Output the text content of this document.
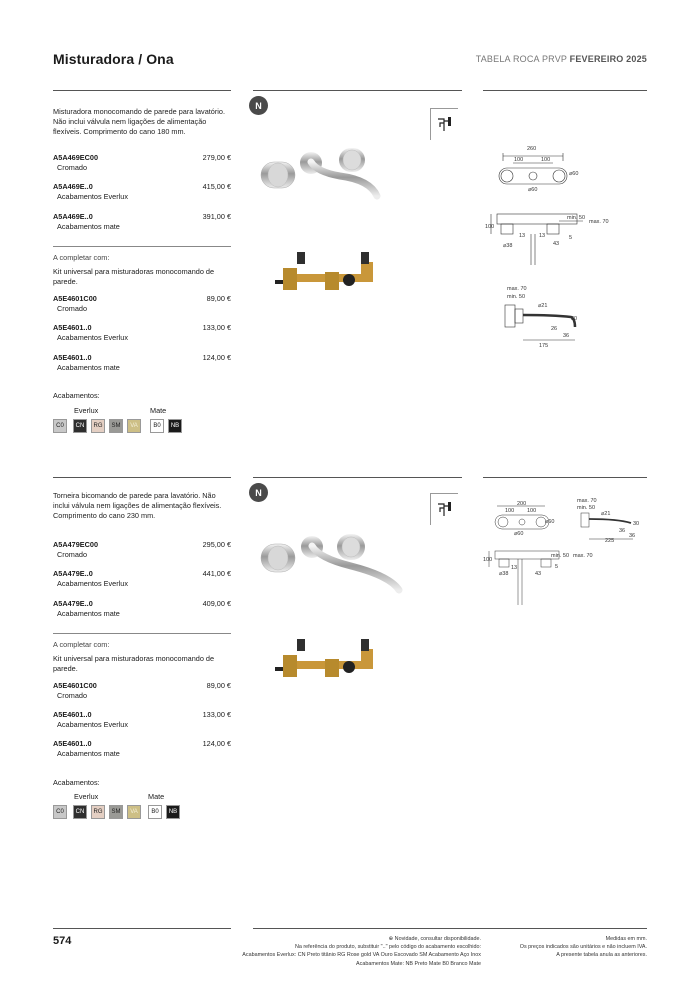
Misturadora / Ona	TABELA ROCA PRVP FEVEREIRO 2025
Misturadora monocomando de parede para lavatório. Não inclui válvula nem ligações de alimentação flexíveis. Comprimento do cano 180 mm.
A5A469EC00
Cromado
279,00 €
A5A469E..0
Acabamentos Everlux
415,00 €
A5A469E..0
Acabamentos mate
391,00 €
A completar com:
Kit universal para misturadoras monocomando de parede.
A5E4601C00
Cromado
89,00 €
A5E4601..0
Acabamentos Everlux
133,00 €
A5E4601..0
Acabamentos mate
124,00 €
Acabamentos:
Everlux	Mate
C0	CN	RG	SM	VA	B0	NB
N
260
100	100
⌀60
⌀60
100
13	13
⌀38	43
5
min. 50
max. 70
max. 70
min. 50
⌀21
30
26
36
175
Torneira bicomando de parede para lavatório. Não inclui válvula nem ligações de alimentação flexíveis. Comprimento do cano 230 mm.
A5A479EC00
Cromado
295,00 €
A5A479E..0
Acabamentos Everlux
441,00 €
A5A479E..0
Acabamentos mate
409,00 €
A completar com:
Kit universal para misturadoras monocomando de parede.
A5E4601C00
Cromado
89,00 €
A5E4601..0
Acabamentos Everlux
133,00 €
A5E4601..0
Acabamentos mate
124,00 €
Acabamentos:
Everlux	Mate
C0	CN	RG	SM	VA	B0	NB
N
200
100 100
⌀60
⌀60
max. 70
min. 50
⌀21
30
36
225
36
100
13
⌀38	43
min. 50 max. 70
5
574	⊕ Novidade, consultar disponibilidade.
Na referência do produto, substituir ".." pelo código do acabamento escolhido:
Acabamentos Everlux: CN Preto titânio RG Rose gold VA Ouro Escovado SM Acabamento Aço Inox
Acabamentos Mate: NB Preto Mate B0 Branco Mate
Medidas em mm.
Os preços indicados são unitários e não incluem IVA.
A presente tabela anula as anteriores.
